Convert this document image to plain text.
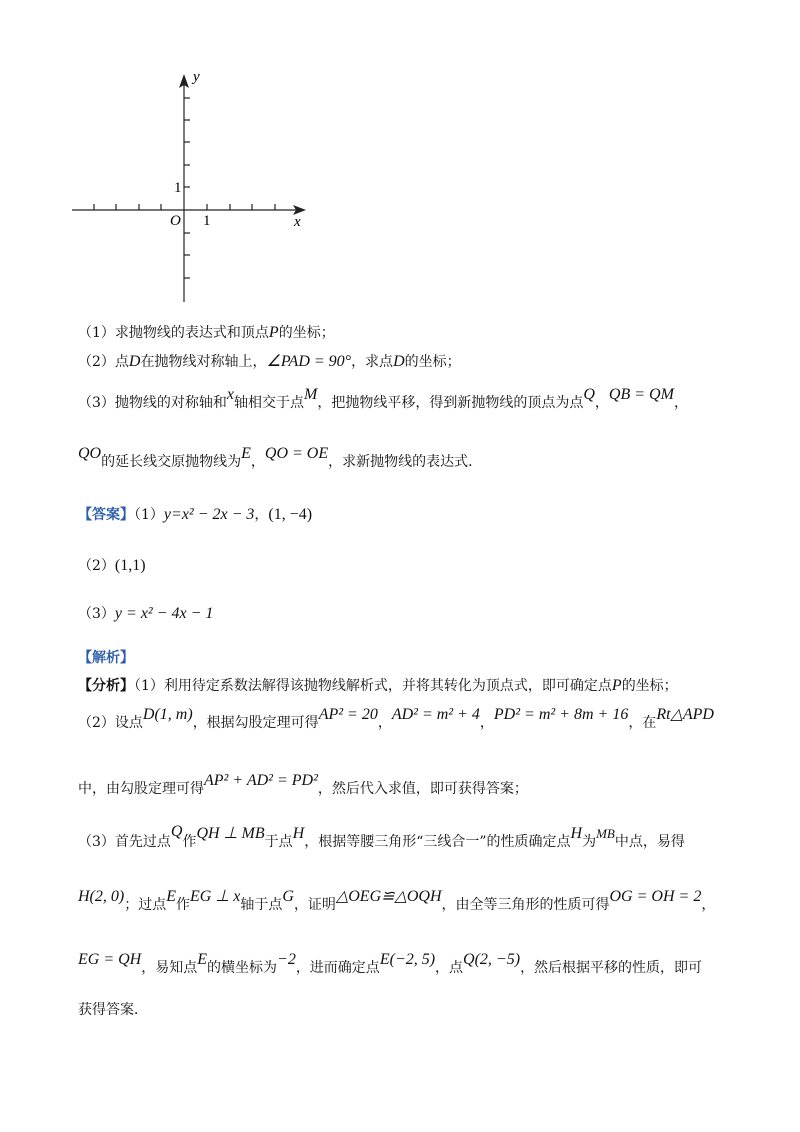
y
x
O 1
1
（1）求抛物线的表达式和顶点P的坐标；
（2）点D在抛物线对称轴上，∠PAD = 90°，求点D的坐标；
（3）抛物线的对称轴和x轴相交于点M，把抛物线平移，得到新抛物线的顶点为点Q，QB = QM，
QO的延长线交原抛物线为E，QO = OE，求新抛物线的表达式．
【答案】（1）y=x² − 2x − 3，(1, −4)
（2）(1,1)
（3）y = x² − 4x − 1
【解析】
【分析】（1）利用待定系数法解得该抛物线解析式，并将其转化为顶点式，即可确定点P的坐标；
（2）设点D(1, m)，根据勾股定理可得AP² = 20，AD² = m² + 4，PD² = m² + 8m + 16，在Rt△APD
中，由勾股定理可得AP² + AD² = PD²，然后代入求值，即可获得答案；
（3）首先过点Q作QH ⊥ MB于点H，根据等腰三角形“三线合一”的性质确定点H为MB中点，易得
H(2, 0)；过点E作EG ⊥ x轴于点G，证明△OEG≌△OQH，由全等三角形的性质可得OG = OH = 2，
EG = QH，易知点E的横坐标为−2，进而确定点E(−2, 5)，点Q(2, −5)，然后根据平移的性质，即可
获得答案．
